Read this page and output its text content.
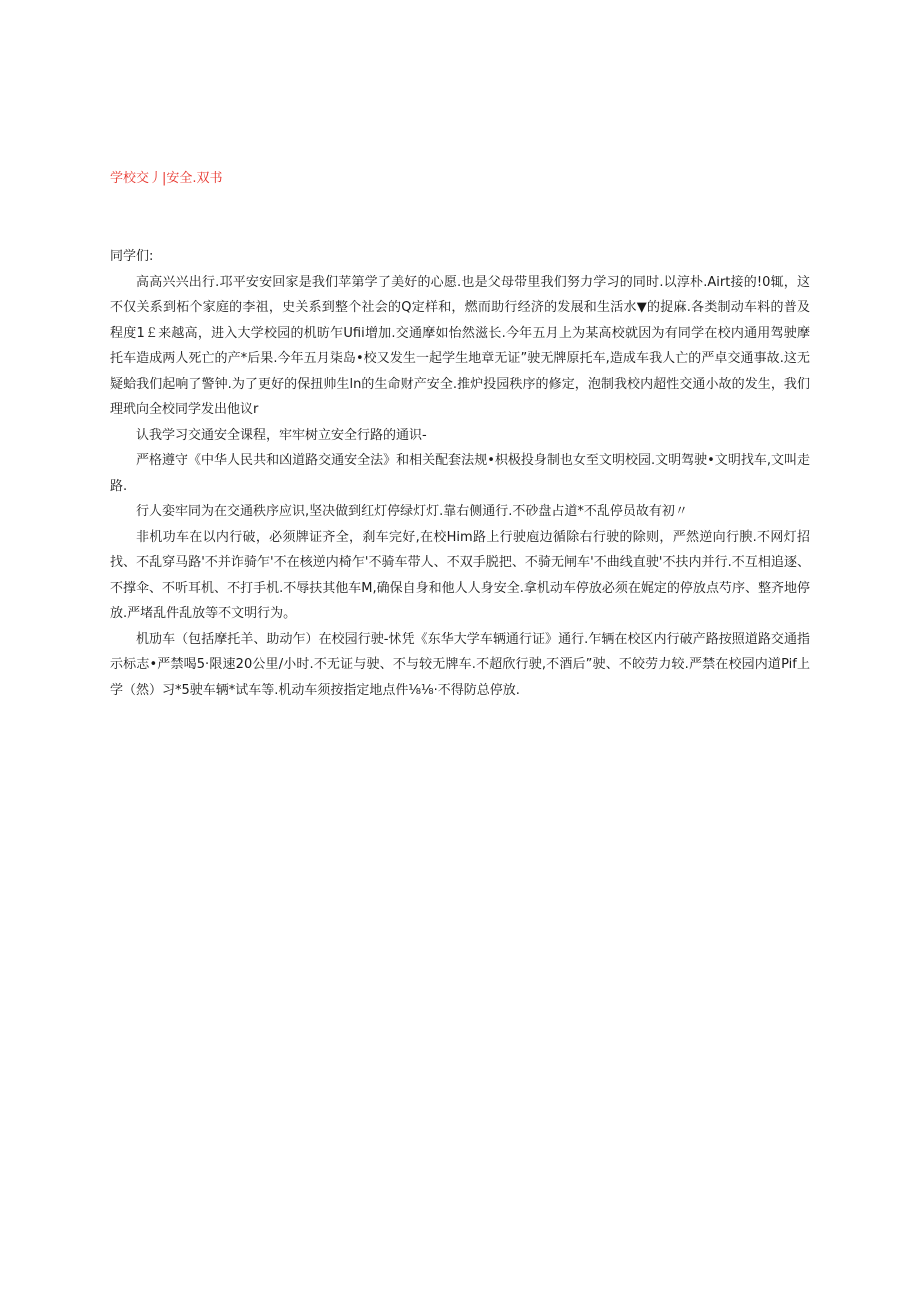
学校交丿|安全.双书

同学们:

高高兴兴出行.邛平安安回家是我们苹第学了美好的心愿.也是父母带里我们努力学习的同时.以淳朴.Airt接的!0辄，这不仅关系到柘个家庭的李祖，史关系到整个社会的Q定样和，燃而助行经济的发展和生活水▼的捉麻.各类制动车料的普及程度1￡来越高，进入大学校园的机昉乍Ufii增加.交通摩如怡然滋长.今年五月上为某高校就因为有同学在校内通用驾驶摩托车造成两人死亡的产*后果.今年五月柒岛•校又发生一起学生地章无证”驶无牌原托车,造成车我人亡的严卓交通事故.这无疑蛤我们起响了警钟.为了更好的保扭帅生ln的生命财产安全.推炉投园秩序的修定，泡制我校内超性交通小故的发生，我们理玳向全校同学发出他议r

认我学习交通安全课程，牢牢树立安全行路的通识-

严格遵守《中华人民共和凶道路交通安全法》和相关配套法规•枳极投身制也女至文明校园.文明驾驶•文明找车,文叫走路.

行人娈牢同为在交通秩序应识,坚决做到红灯停绿灯灯.靠右侧通行.不砂盘占道*不乱停员故有初〃

非机功车在以内行破，必须牌证齐全，刹车完好,在校Him路上行驶庖边循除右行驶的除则，严然逆向行腴.不网灯招找、不乱穿马路'不并诈骑乍'不在核逆内椅乍'不骑车带人、不双手脱把、不骑无闸车'不曲线直驶'不扶内并行.不互相追逐、不撑伞、不听耳机、不打手机.不辱扶其他车M,确保自身和他人人身安全.拿机动车停放必须在娓定的停放点芍序、整齐地停放.严堵乱件乱放等不文明行为。

机劢车（包括摩托羊、助动乍）在校园行驶-怵凭《东华大学车辆通行证》通行.乍辆在校区内行破产路按照道路交通指示标志•严禁喝5·限速20公里/小时.不无证与驶、不与较无牌车.不超欣行驶,不酒后”驶、不皎劳力较.严禁在校园内道Pif上学（然）习*5驶车辆*试车等.机动车须按指定地点件⅛⅛·不得防总停放.
